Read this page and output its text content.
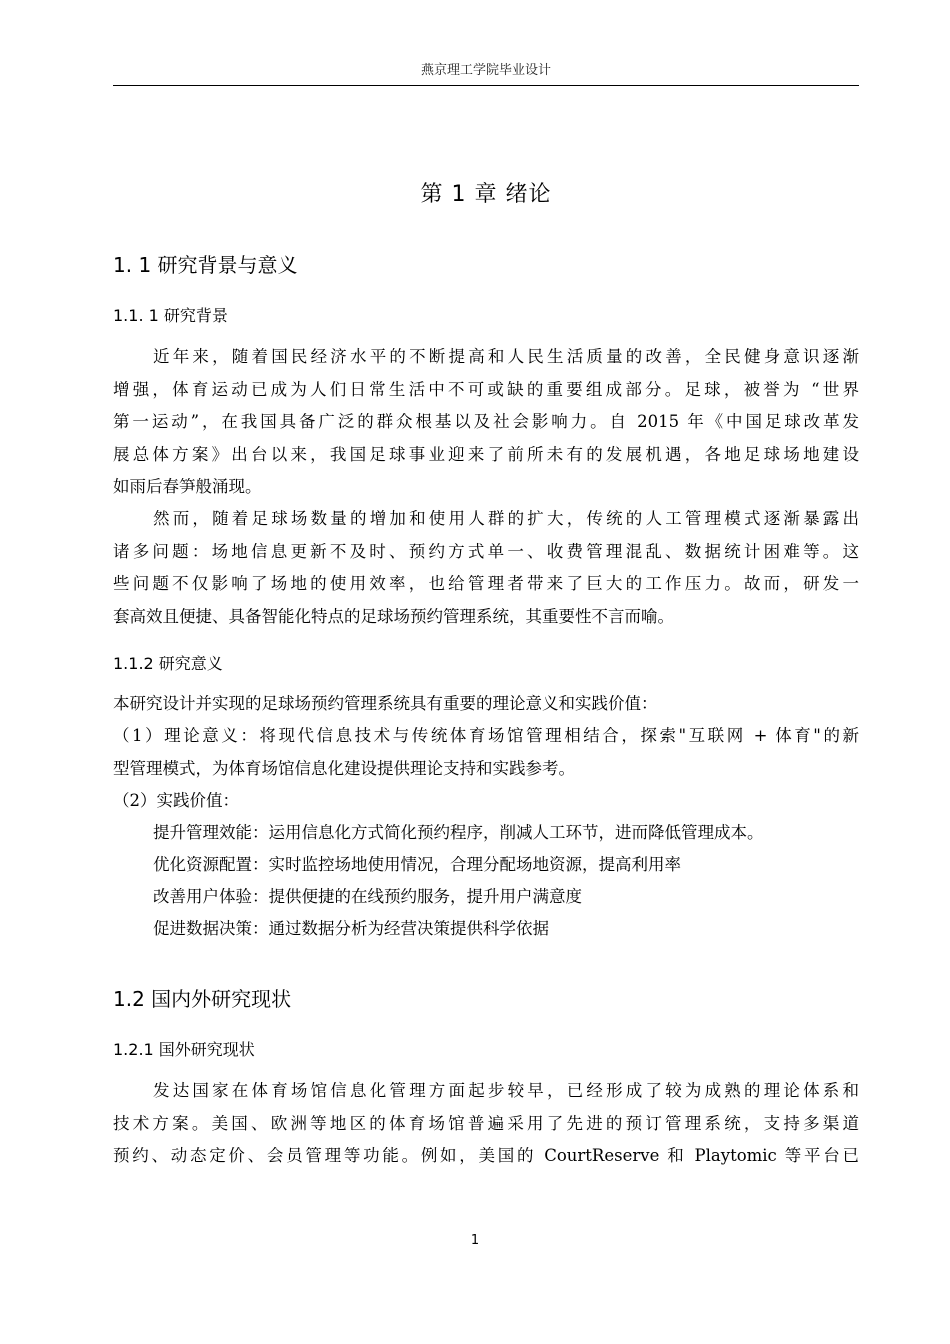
燕京理工学院毕业设计
第 1 章 绪论
1. 1 研究背景与意义
1.1. 1 研究背景
近年来，随着国民经济水平的不断提高和人民生活质量的改善，全民健身意识逐渐
增强，体育运动已成为人们日常生活中不可或缺的重要组成部分。足球，被誉为 “世界
第一运动”，在我国具备广泛的群众根基以及社会影响力。自 2015 年《中国足球改革发
展总体方案》出台以来，我国足球事业迎来了前所未有的发展机遇，各地足球场地建设
如雨后春笋般涌现。
然而，随着足球场数量的增加和使用人群的扩大，传统的人工管理模式逐渐暴露出
诸多问题：场地信息更新不及时、预约方式单一、收费管理混乱、数据统计困难等。这
些问题不仅影响了场地的使用效率，也给管理者带来了巨大的工作压力。故而，研发一
套高效且便捷、具备智能化特点的足球场预约管理系统，其重要性不言而喻。
1.1.2 研究意义
本研究设计并实现的足球场预约管理系统具有重要的理论意义和实践价值：
（1）理论意义：将现代信息技术与传统体育场馆管理相结合，探索"互联网 + 体育"的新
型管理模式，为体育场馆信息化建设提供理论支持和实践参考。
（2）实践价值：
提升管理效能：运用信息化方式简化预约程序，削减人工环节，进而降低管理成本。
优化资源配置：实时监控场地使用情况，合理分配场地资源，提高利用率
改善用户体验：提供便捷的在线预约服务，提升用户满意度
促进数据决策：通过数据分析为经营决策提供科学依据
1.2 国内外研究现状
1.2.1 国外研究现状
发达国家在体育场馆信息化管理方面起步较早，已经形成了较为成熟的理论体系和
技术方案。美国、欧洲等地区的体育场馆普遍采用了先进的预订管理系统，支持多渠道
预约、动态定价、会员管理等功能。例如，美国的 CourtReserve 和 Playtomic 等平台已
1
